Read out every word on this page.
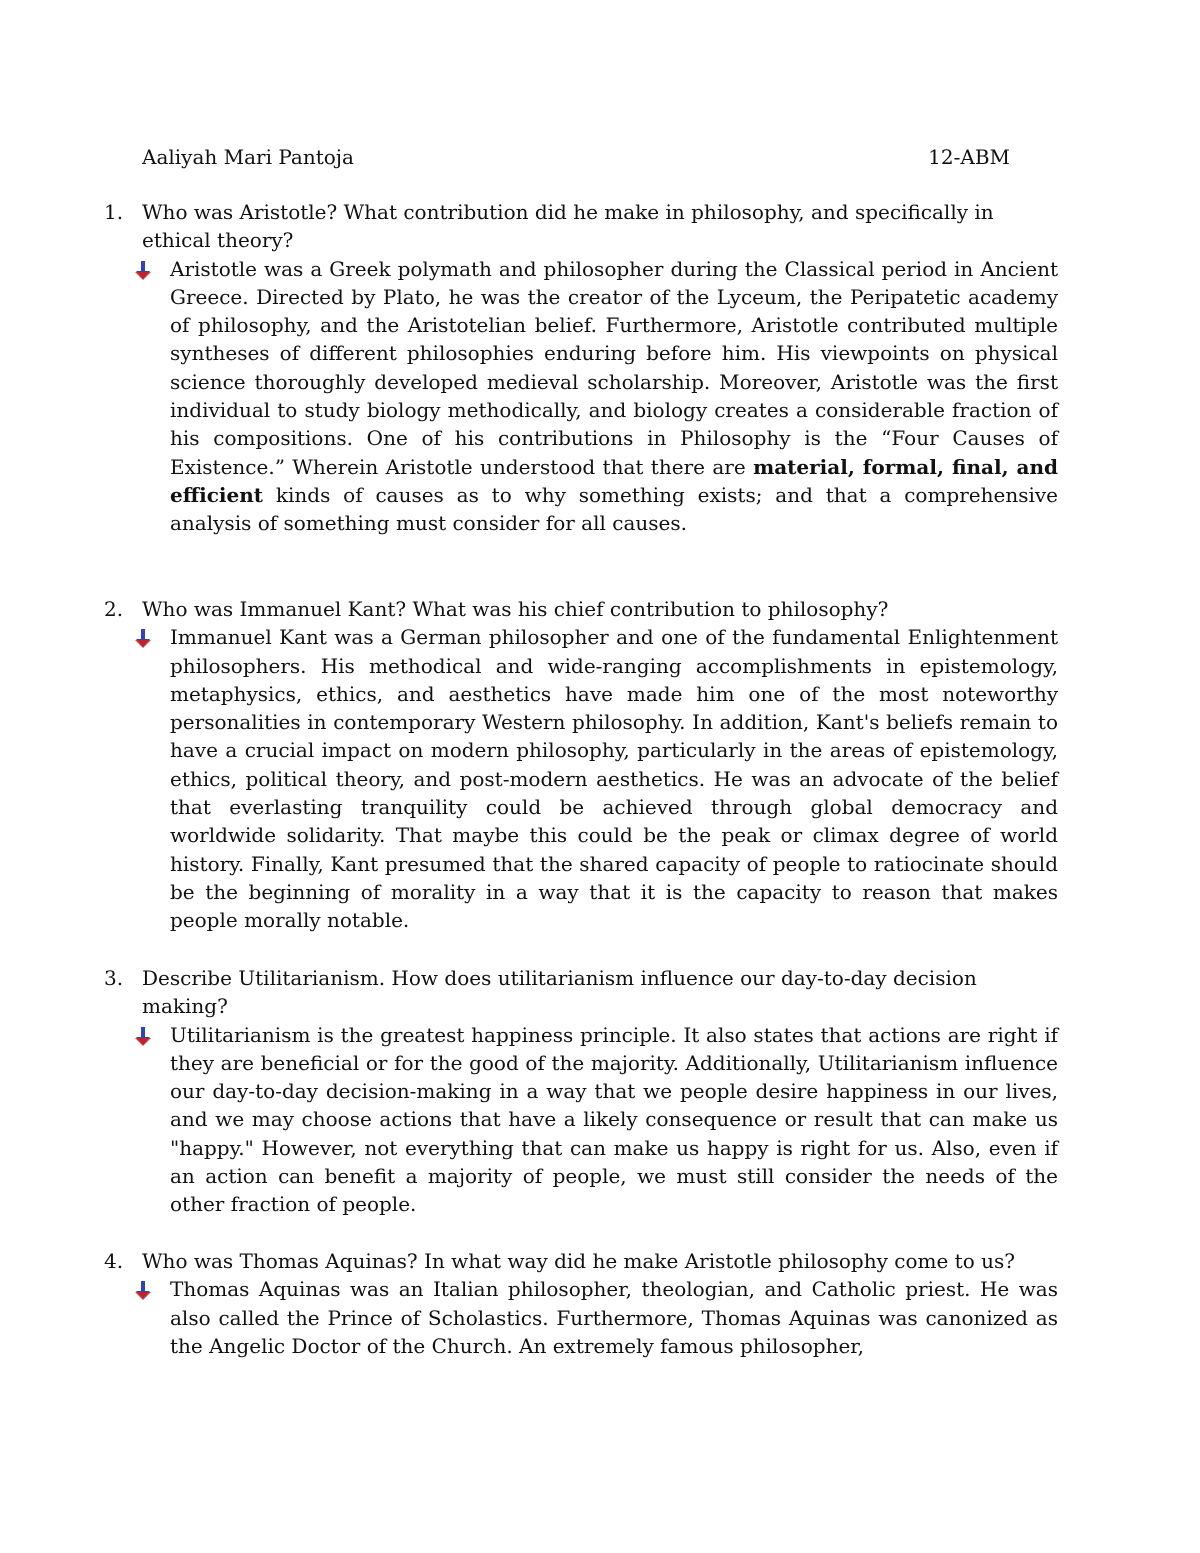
Aaliyah Mari Pantoja	12-ABM
1. Who was Aristotle? What contribution did he make in philosophy, and specifically in ethical theory?
Aristotle was a Greek polymath and philosopher during the Classical period in Ancient Greece. Directed by Plato, he was the creator of the Lyceum, the Peripatetic academy of philosophy, and the Aristotelian belief. Furthermore, Aristotle contributed multiple syntheses of different philosophies enduring before him. His viewpoints on physical science thoroughly developed medieval scholarship. Moreover, Aristotle was the first individual to study biology methodically, and biology creates a considerable fraction of his compositions. One of his contributions in Philosophy is the “Four Causes of Existence.” Wherein Aristotle understood that there are material, formal, final, and efficient kinds of causes as to why something exists; and that a comprehensive analysis of something must consider for all causes.
2. Who was Immanuel Kant? What was his chief contribution to philosophy?
Immanuel Kant was a German philosopher and one of the fundamental Enlightenment philosophers. His methodical and wide-ranging accomplishments in epistemology, metaphysics, ethics, and aesthetics have made him one of the most noteworthy personalities in contemporary Western philosophy. In addition, Kant's beliefs remain to have a crucial impact on modern philosophy, particularly in the areas of epistemology, ethics, political theory, and post-modern aesthetics. He was an advocate of the belief that everlasting tranquility could be achieved through global democracy and worldwide solidarity. That maybe this could be the peak or climax degree of world history. Finally, Kant presumed that the shared capacity of people to ratiocinate should be the beginning of morality in a way that it is the capacity to reason that makes people morally notable.
3. Describe Utilitarianism. How does utilitarianism influence our day-to-day decision making?
Utilitarianism is the greatest happiness principle. It also states that actions are right if they are beneficial or for the good of the majority. Additionally, Utilitarianism influence our day-to-day decision-making in a way that we people desire happiness in our lives, and we may choose actions that have a likely consequence or result that can make us "happy." However, not everything that can make us happy is right for us. Also, even if an action can benefit a majority of people, we must still consider the needs of the other fraction of people.
4. Who was Thomas Aquinas? In what way did he make Aristotle philosophy come to us?
Thomas Aquinas was an Italian philosopher, theologian, and Catholic priest. He was also called the Prince of Scholastics. Furthermore, Thomas Aquinas was canonized as the Angelic Doctor of the Church. An extremely famous philosopher,
